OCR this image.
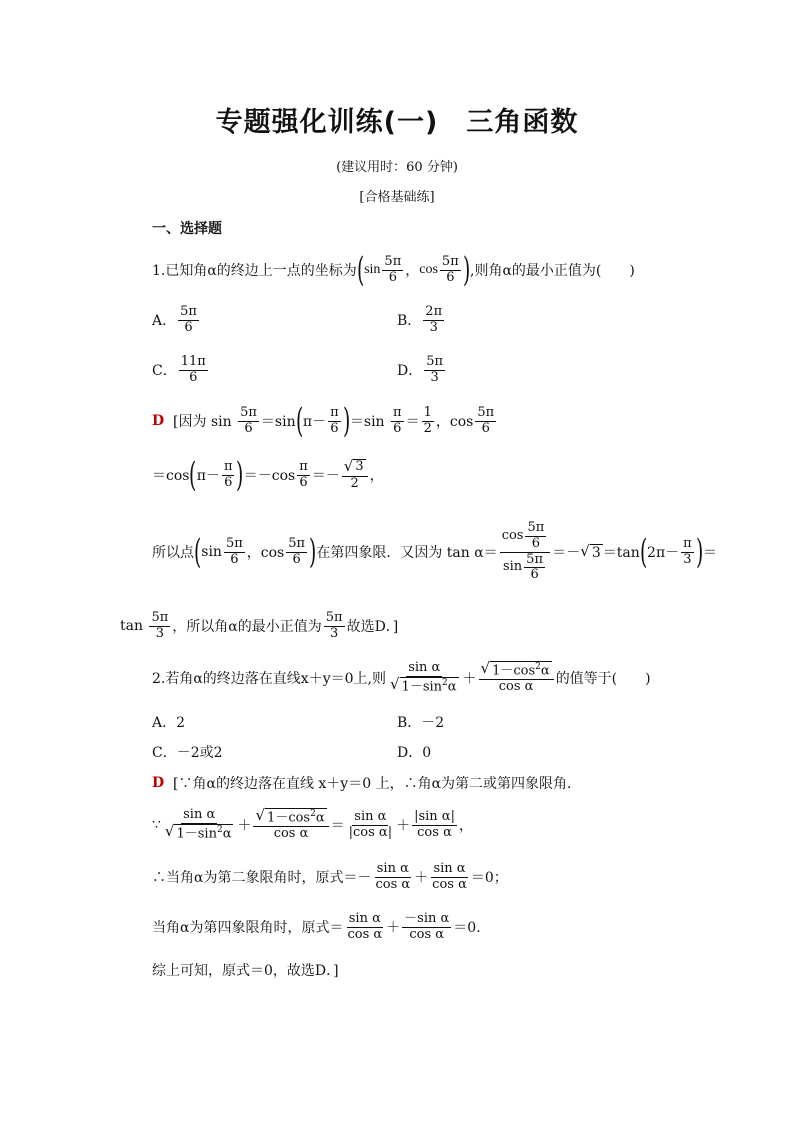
专题强化训练(一)　三角函数
(建议用时：60 分钟)
[合格基础练]
一、选择题
1.已知角α的终边上一点的坐标为 ( $\sin \frac{5\pi}{6}$ ， $\cos \frac{5\pi}{6}$ ) ,则角α的最小正值为(　　)
A． $\frac{5\pi}{6}$	B． $\frac{2\pi}{3}$
C． $\frac{11\pi}{6}$	D． $\frac{5\pi}{3}$
D
[因为 sin
$\frac{5\pi}{6} =\sin$ ( $\pi- \frac{\pi}{6}$ ) $=\sin \frac{\pi}{6} = \frac{1}{2}$ ，$\cos \frac{5\pi}{6}$
＝cos ( $\pi- \frac{\pi}{6}$ ) $=-\cos \frac{\pi}{6} =- \frac{√ 3}{2}$ ，
所以点 ( $\sin \frac{5\pi}{6}$ ，$\cos \frac{5\pi}{6}$ ) 在第四象限．又因为 $\tan \alpha= \frac{\cos \frac{5\pi}{6}}{\sin \frac{5\pi}{6}}$ ＝－ √ 3 ＝tan ( $2\pi- \frac{\pi}{3}$ ) ＝
$\tan \frac{5\pi}{3}$ ，所以角α的最小正值为 $\frac{5\pi}{3}$ 故选D．]
2.若角α的终边落在直线x＋y＝0上,则 $\frac{\text{sin α}}{√ 1-\sin^2\alpha} + \frac{√ 1-\cos^2\alpha}{\text{cos α}}$ 的值等于(　　)
A．2	B．－2
C．－2或2	D．0
D
[∵角α的终边落在直线 x＋y＝0 上，∴角α为第二或第四象限角．
∵ $\frac{\text{sin α}}{√ 1-\sin^2\alpha} + \frac{√ 1-\cos^2\alpha}{\text{cos α}} = \frac{\text{sin α}}{\text{|cos α|}} + \frac{\text{|sin α|}}{\text{cos α}}$ ，
∴当角α为第二象限角时，原式＝－ $\frac{\text{sin α}}{\text{cos α}} + \frac{\text{sin α}}{\text{cos α}} =0$；
当角α为第四象限角时，原式＝ $\frac{\text{sin α}}{\text{cos α}} + \frac{\text{－sin α}}{\text{cos α}} =0$.
综上可知，原式＝0，故选D．]
